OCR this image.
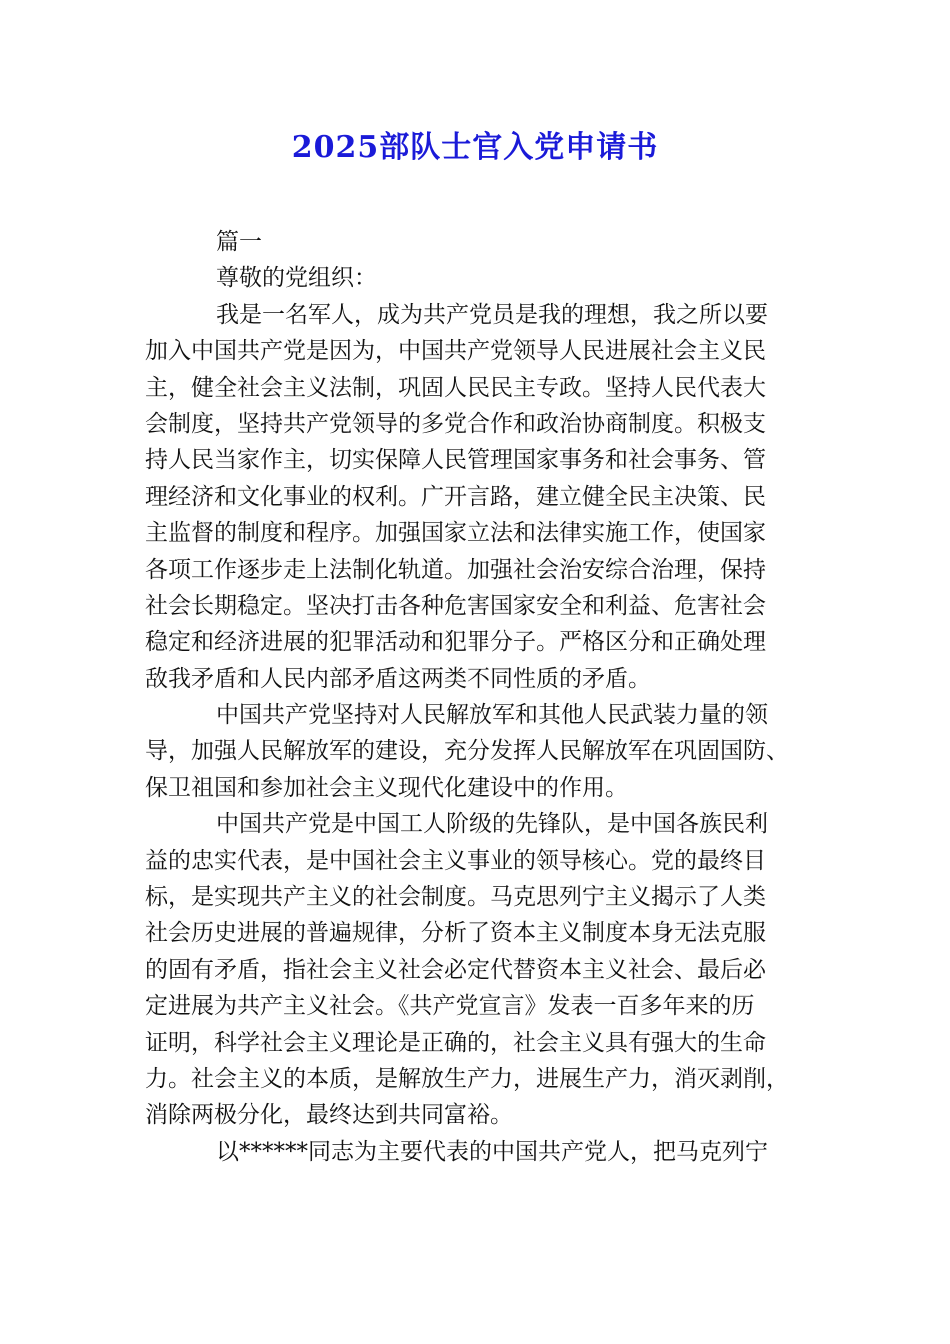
2025部队士官入党申请书
篇一
尊敬的党组织：
我是一名军人，成为共产党员是我的理想，我之所以要
加入中国共产党是因为，中国共产党领导人民进展社会主义民
主，健全社会主义法制，巩固人民民主专政。坚持人民代表大
会制度，坚持共产党领导的多党合作和政治协商制度。积极支
持人民当家作主，切实保障人民管理国家事务和社会事务、管
理经济和文化事业的权利。广开言路，建立健全民主决策、民
主监督的制度和程序。加强国家立法和法律实施工作，使国家
各项工作逐步走上法制化轨道。加强社会治安综合治理，保持
社会长期稳定。坚决打击各种危害国家安全和利益、危害社会
稳定和经济进展的犯罪活动和犯罪分子。严格区分和正确处理
敌我矛盾和人民内部矛盾这两类不同性质的矛盾。
中国共产党坚持对人民解放军和其他人民武装力量的领
导，加强人民解放军的建设，充分发挥人民解放军在巩固国防、
保卫祖国和参加社会主义现代化建设中的作用。
中国共产党是中国工人阶级的先锋队，是中国各族民利
益的忠实代表，是中国社会主义事业的领导核心。党的最终目
标，是实现共产主义的社会制度。马克思列宁主义揭示了人类
社会历史进展的普遍规律，分析了资本主义制度本身无法克服
的固有矛盾，指社会主义社会必定代替资本主义社会、最后必
定进展为共产主义社会。《共产党宣言》发表一百多年来的历
证明，科学社会主义理论是正确的，社会主义具有强大的生命
力。社会主义的本质，是解放生产力，进展生产力，消灭剥削，
消除两极分化，最终达到共同富裕。
以******同志为主要代表的中国共产党人，把马克列宁
